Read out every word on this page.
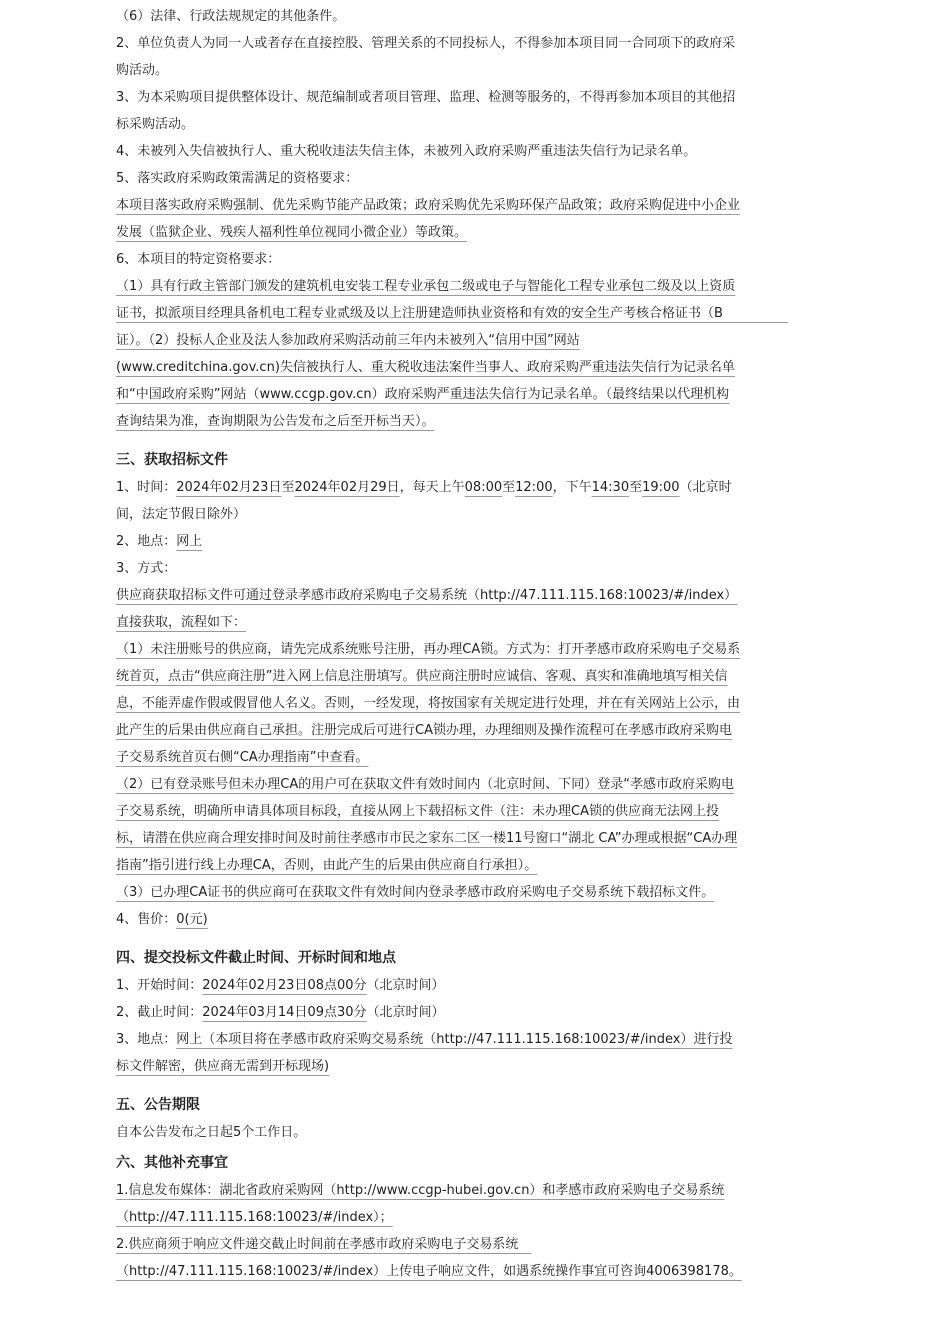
（6）法律、行政法规规定的其他条件。

2、单位负责人为同一人或者存在直接控股、管理关系的不同投标人，不得参加本项目同一合同项下的政府采购活动。

3、为本采购项目提供整体设计、规范编制或者项目管理、监理、检测等服务的，不得再参加本项目的其他招标采购活动。

4、未被列入失信被执行人、重大税收违法失信主体，未被列入政府采购严重违法失信行为记录名单。

5、落实政府采购政策需满足的资格要求：

本项目落实政府采购强制、优先采购节能产品政策；政府采购优先采购环保产品政策；政府采购促进中小企业发展（监狱企业、残疾人福利性单位视同小微企业）等政策。

6、本项目的特定资格要求：

（1）具有行政主管部门颁发的建筑机电安装工程专业承包二级或电子与智能化工程专业承包二级及以上资质证书，拟派项目经理具备机电工程专业贰级及以上注册建造师执业资格和有效的安全生产考核合格证书（B　　　　　证）。（2）投标人企业及法人参加政府采购活动前三年内未被列入“信用中国”网站(www.creditchina.gov.cn)失信被执行人、重大税收违法案件当事人、政府采购严重违法失信行为记录名单和“中国政府采购”网站（www.ccgp.gov.cn）政府采购严重违法失信行为记录名单。（最终结果以代理机构查询结果为准，查询期限为公告发布之后至开标当天）。

三、获取招标文件

1、时间：2024年02月23日至2024年02月29日，每天上午08:00至12:00，下午14:30至19:00（北京时间，法定节假日除外）

2、地点：网上

3、方式：

供应商获取招标文件可通过登录孝感市政府采购电子交易系统（http://47.111.115.168:10023/#/index）直接获取，流程如下：

（1）未注册账号的供应商，请先完成系统账号注册，再办理CA锁。方式为：打开孝感市政府采购电子交易系统首页，点击“供应商注册”进入网上信息注册填写。供应商注册时应诚信、客观、真实和准确地填写相关信息，不能弄虚作假或假冒他人名义。否则，一经发现，将按国家有关规定进行处理，并在有关网站上公示，由此产生的后果由供应商自己承担。注册完成后可进行CA锁办理，办理细则及操作流程可在孝感市政府采购电子交易系统首页右侧“CA办理指南”中查看。

（2）已有登录账号但未办理CA的用户可在获取文件有效时间内（北京时间、下同）登录“孝感市政府采购电子交易系统，明确所申请具体项目标段，直接从网上下载招标文件（注：未办理CA锁的供应商无法网上投标，请潜在供应商合理安排时间及时前往孝感市市民之家东二区一楼11号窗口“湖北 CA”办理或根据“CA办理指南”指引进行线上办理CA，否则，由此产生的后果由供应商自行承担）。

（3）已办理CA证书的供应商可在获取文件有效时间内登录孝感市政府采购电子交易系统下载招标文件。

4、售价：0(元)

四、提交投标文件截止时间、开标时间和地点

1、开始时间：2024年02月23日08点00分（北京时间）

2、截止时间：2024年03月14日09点30分（北京时间）

3、地点：网上（本项目将在孝感市政府采购交易系统（http://47.111.115.168:10023/#/index）进行投标文件解密，供应商无需到开标现场)

五、公告期限

自本公告发布之日起5个工作日。

六、其他补充事宜

1.信息发布媒体：湖北省政府采购网（http://www.ccgp-hubei.gov.cn）和孝感市政府采购电子交易系统（http://47.111.115.168:10023/#/index）；

2.供应商须于响应文件递交截止时间前在孝感市政府采购电子交易系统　（http://47.111.115.168:10023/#/index）上传电子响应文件，如遇系统操作事宜可咨询4006398178。
